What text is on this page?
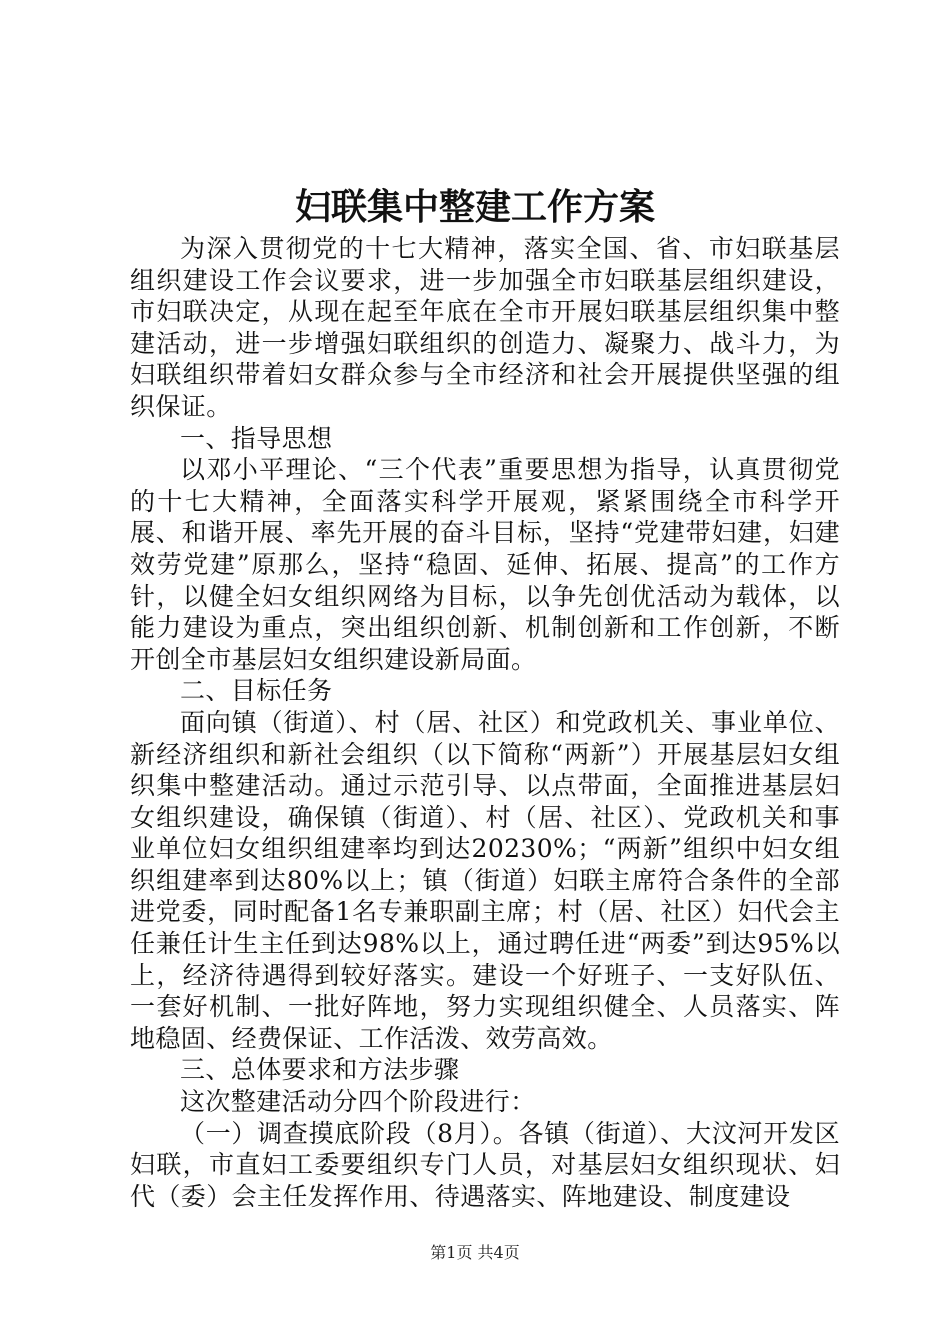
妇联集中整建工作方案

为深入贯彻党的十七大精神，落实全国、省、市妇联基层组织建设工作会议要求，进一步加强全市妇联基层组织建设，市妇联决定，从现在起至年底在全市开展妇联基层组织集中整建活动，进一步增强妇联组织的创造力、凝聚力、战斗力，为妇联组织带着妇女群众参与全市经济和社会开展提供坚强的组织保证。

一、指导思想

以邓小平理论、“三个代表”重要思想为指导，认真贯彻党的十七大精神，全面落实科学开展观，紧紧围绕全市科学开展、和谐开展、率先开展的奋斗目标，坚持“党建带妇建，妇建效劳党建”原那么，坚持“稳固、延伸、拓展、提高”的工作方针，以健全妇女组织网络为目标，以争先创优活动为载体，以能力建设为重点，突出组织创新、机制创新和工作创新，不断开创全市基层妇女组织建设新局面。

二、目标任务

面向镇（街道）、村（居、社区）和党政机关、事业单位、新经济组织和新社会组织（以下简称“两新”）开展基层妇女组织集中整建活动。通过示范引导、以点带面，全面推进基层妇女组织建设，确保镇（街道）、村（居、社区）、党政机关和事业单位妇女组织组建率均到达20230%；“两新”组织中妇女组织组建率到达80%以上；镇（街道）妇联主席符合条件的全部进党委，同时配备1名专兼职副主席；村（居、社区）妇代会主任兼任计生主任到达98%以上，通过聘任进“两委”到达95%以上，经济待遇得到较好落实。建设一个好班子、一支好队伍、一套好机制、一批好阵地，努力实现组织健全、人员落实、阵地稳固、经费保证、工作活泼、效劳高效。

三、总体要求和方法步骤

这次整建活动分四个阶段进行：

（一）调查摸底阶段（8月）。各镇（街道）、大汶河开发区妇联，市直妇工委要组织专门人员，对基层妇女组织现状、妇代（委）会主任发挥作用、待遇落实、阵地建设、制度建设

第1页 共4页
